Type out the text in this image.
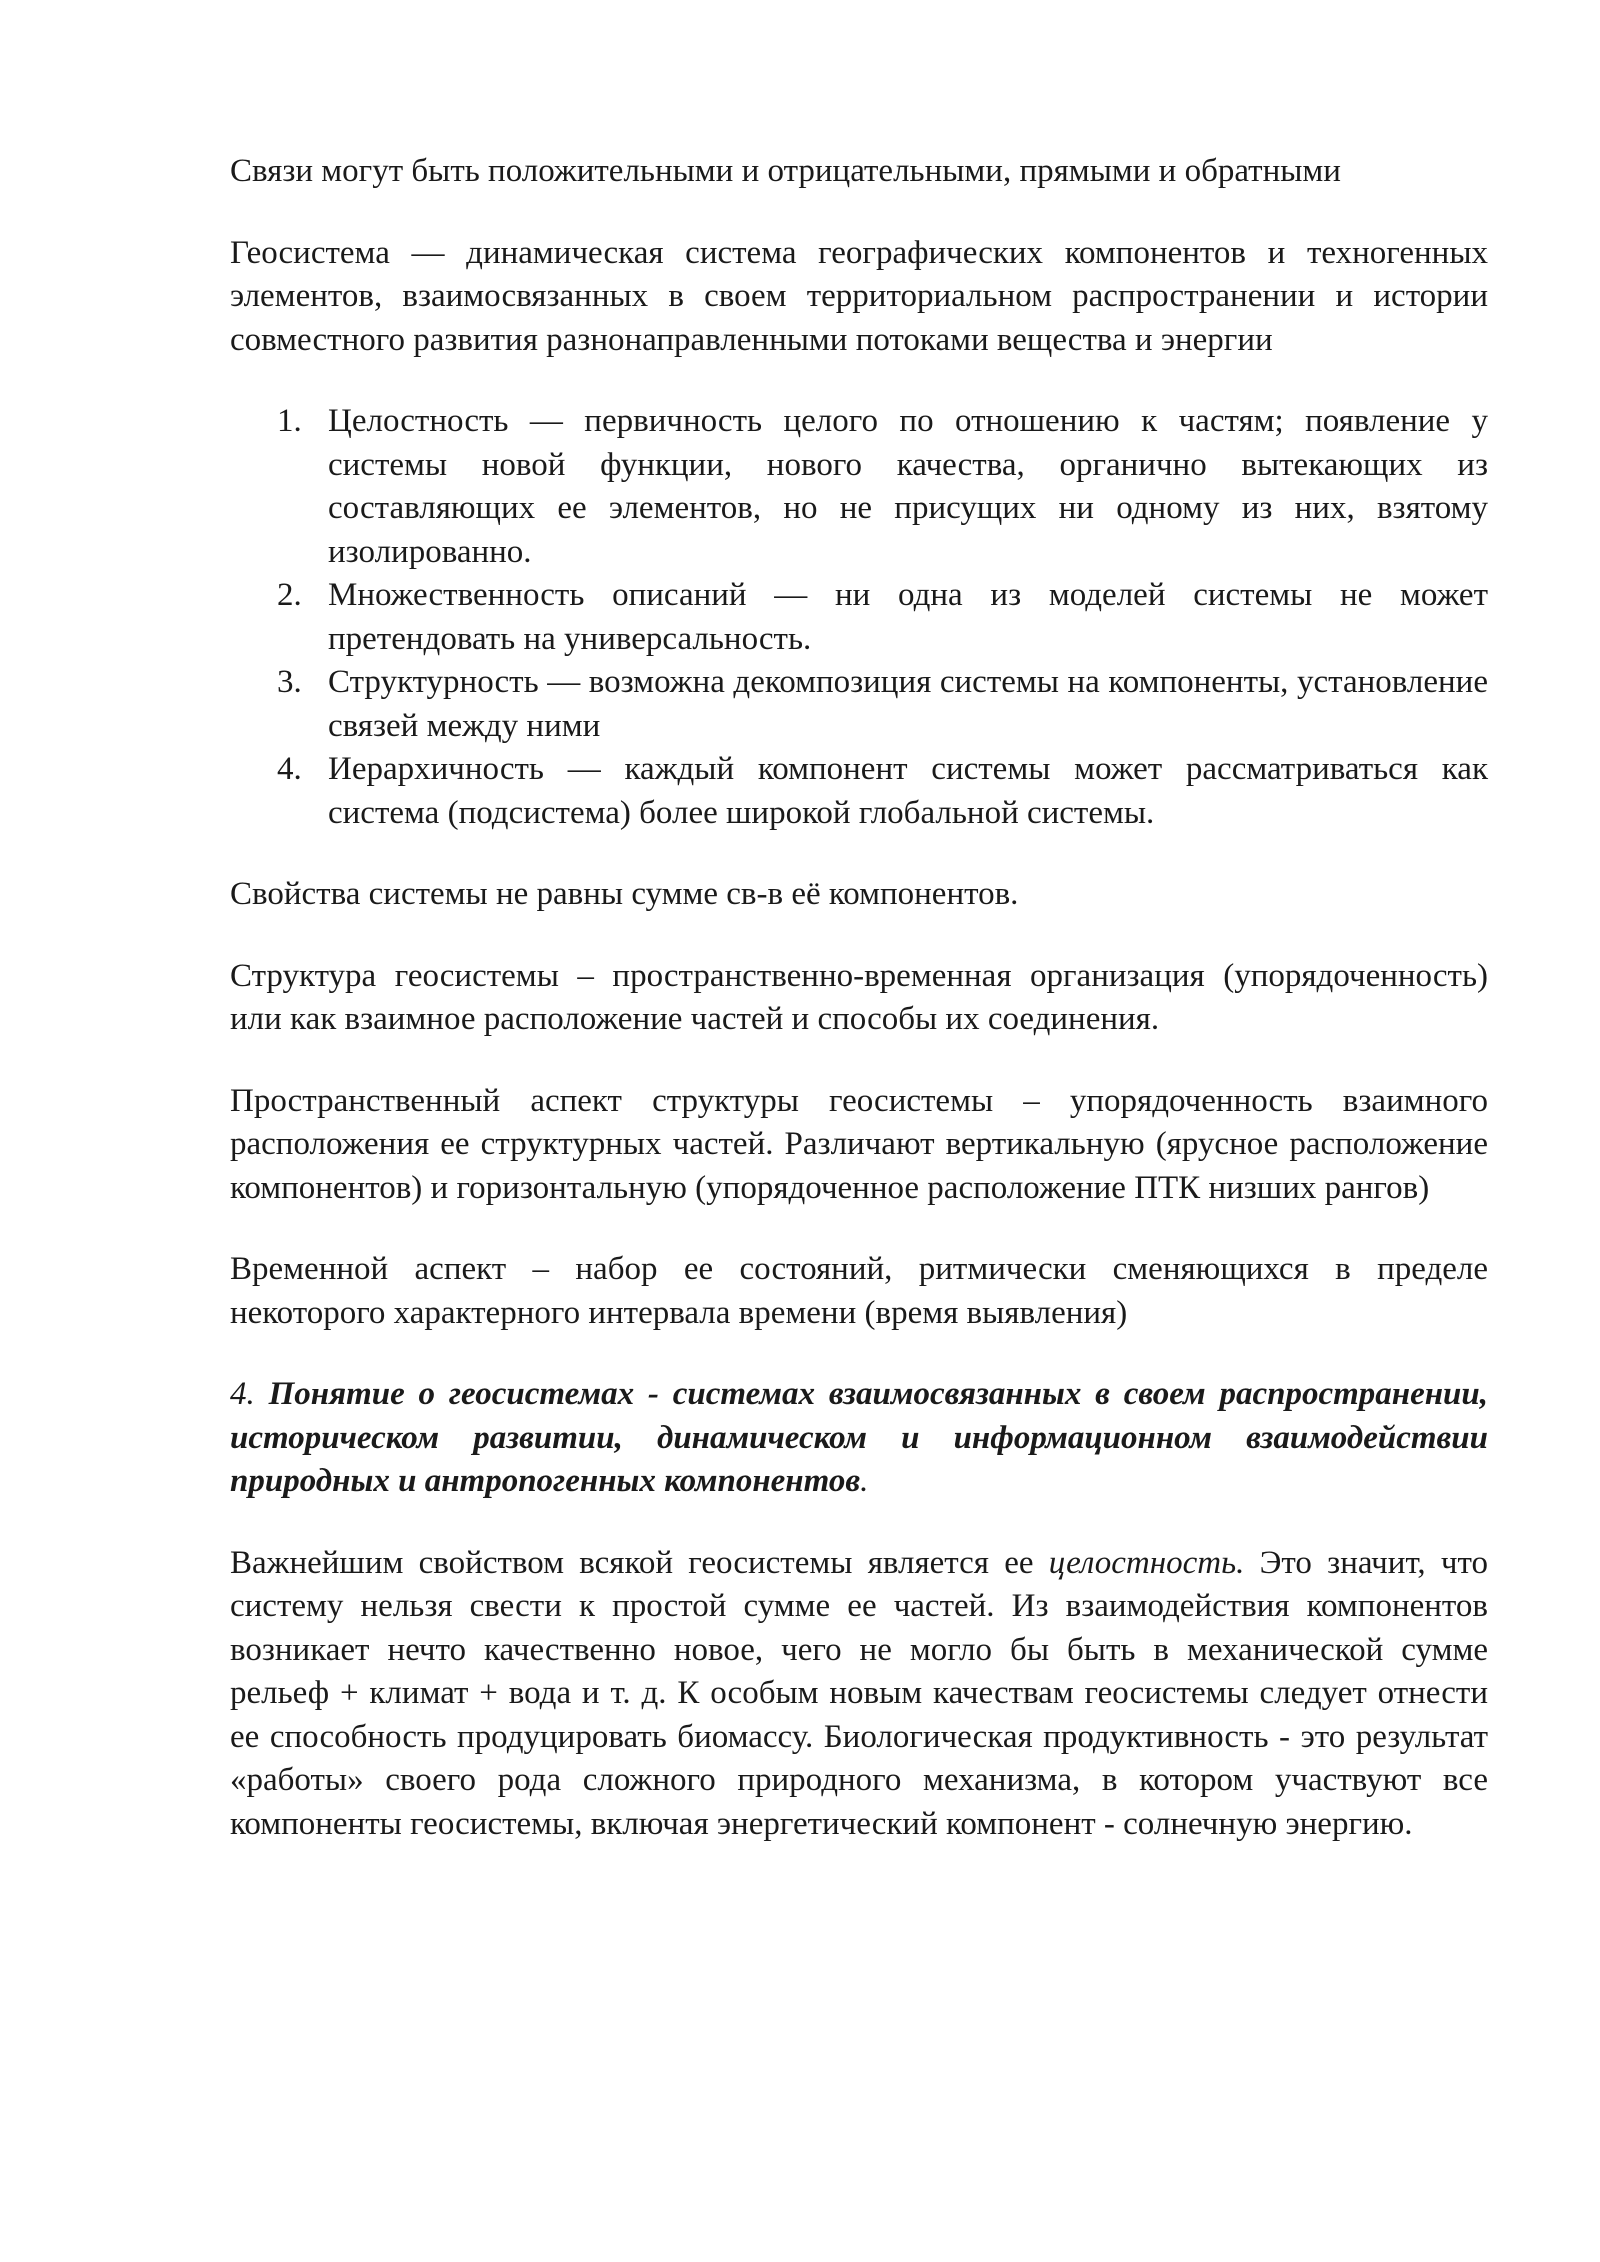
Связи могут быть положительными и отрицательными, прямыми и обратными

Геосистема — динамическая система географических компонентов и техногенных элементов, взаимосвязанных в своем территориальном распространении и истории совместного развития разнонаправленными потоками вещества и энергии

1. Целостность — первичность целого по отношению к частям; появление у системы новой функции, нового качества, органично вытекающих из составляющих ее элементов, но не присущих ни одному из них, взятому изолированно.
2. Множественность описаний — ни одна из моделей системы не может претендовать на универсальность.
3. Структурность — возможна декомпозиция системы на компоненты, установление связей между ними
4. Иерархичность — каждый компонент системы может рассматриваться как система (подсистема) более широкой глобальной системы.

Свойства системы не равны сумме св-в её компонентов.

Структура геосистемы – пространственно-временная организация (упорядоченность) или как взаимное расположение частей и способы их соединения.

Пространственный аспект структуры геосистемы – упорядоченность взаимного расположения ее структурных частей. Различают вертикальную (ярусное расположение компонентов) и горизонтальную (упорядоченное расположение ПТК низших рангов)

Временной аспект – набор ее состояний, ритмически сменяющихся в пределе некоторого характерного интервала времени (время выявления)

4. Понятие о геосистемах - системах взаимосвязанных в своем распространении, историческом развитии, динамическом и информационном взаимодействии природных и антропогенных компонентов.

Важнейшим свойством всякой геосистемы является ее целостность. Это значит, что систему нельзя свести к простой сумме ее частей. Из взаимодействия компонентов возникает нечто качественно новое, чего не могло бы быть в механической сумме рельеф + климат + вода и т. д. К особым новым качествам геосистемы следует отнести ее способность продуцировать биомассу. Биологическая продуктивность - это результат «работы» своего рода сложного природного механизма, в котором участвуют все компоненты геосистемы, включая энергетический компонент - солнечную энергию.
